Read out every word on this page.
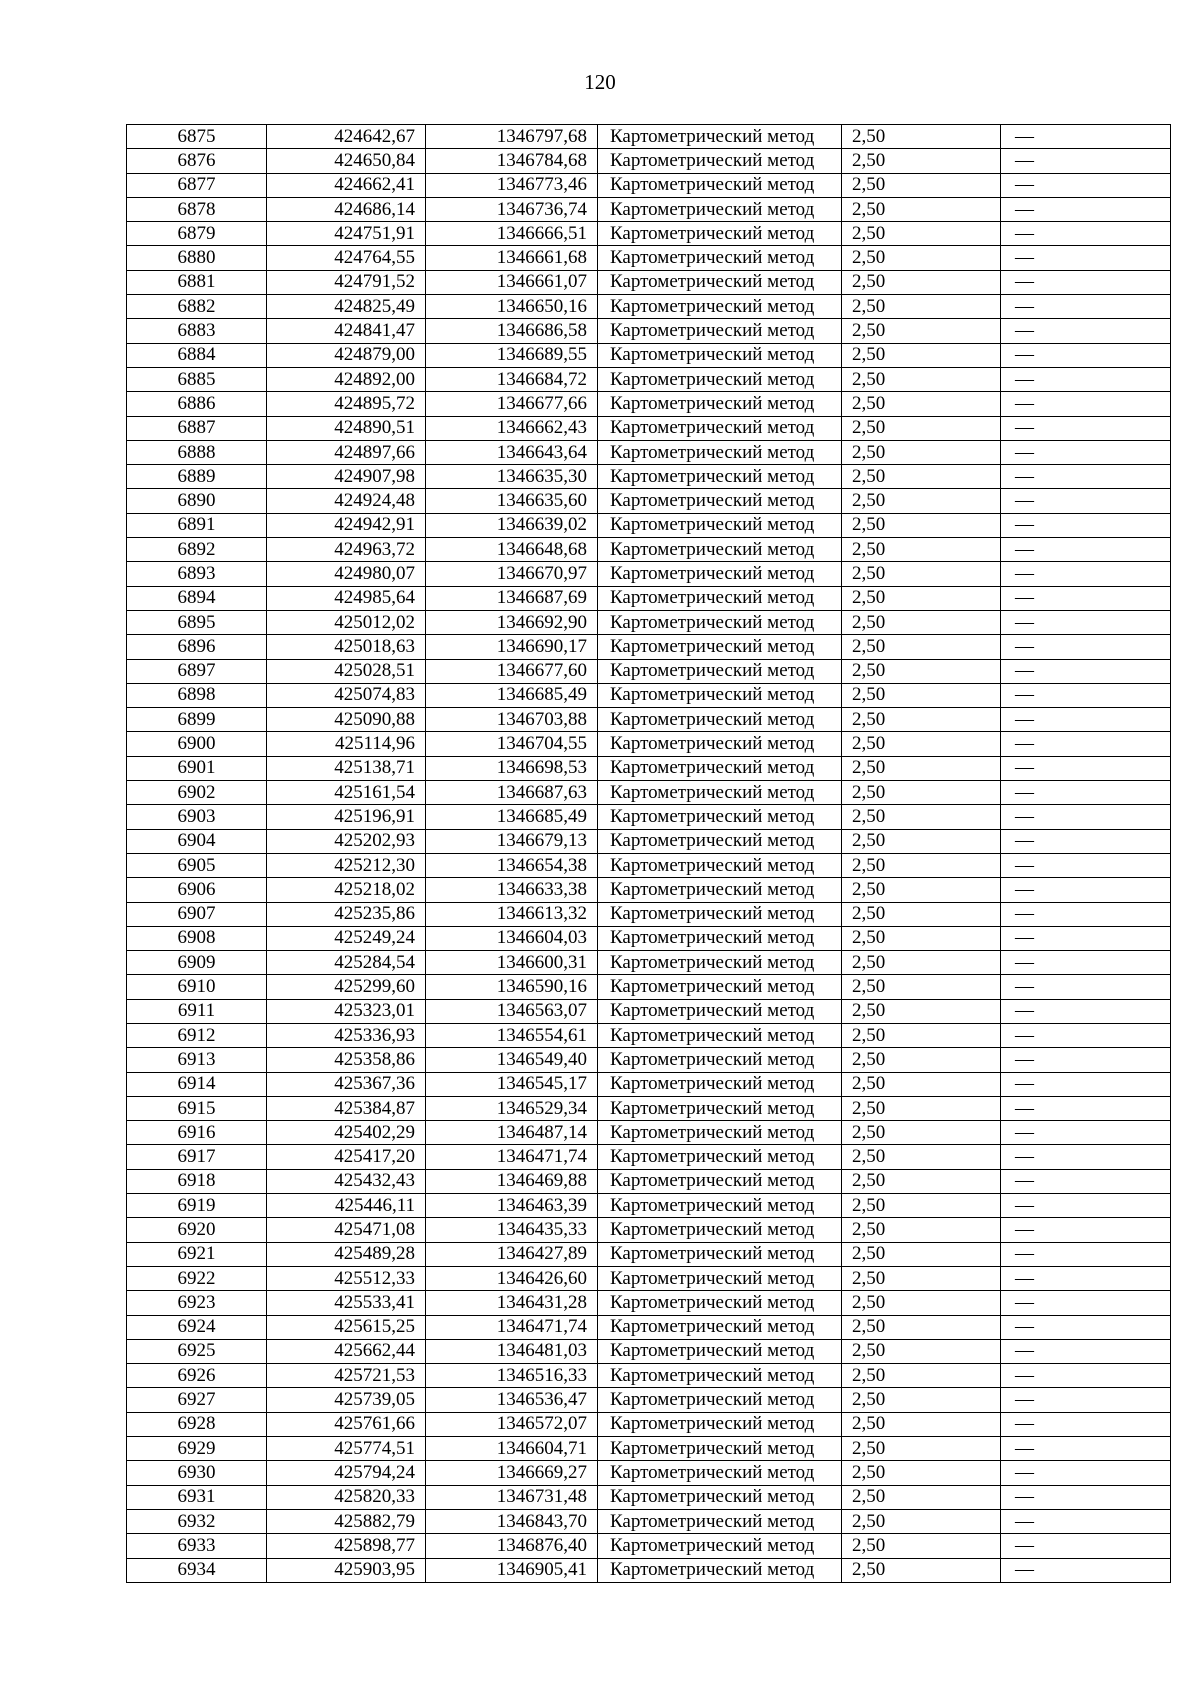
120
6875	424642,67	1346797,68	Картометрический метод	2,50	—
6876	424650,84	1346784,68	Картометрический метод	2,50	—
6877	424662,41	1346773,46	Картометрический метод	2,50	—
6878	424686,14	1346736,74	Картометрический метод	2,50	—
6879	424751,91	1346666,51	Картометрический метод	2,50	—
6880	424764,55	1346661,68	Картометрический метод	2,50	—
6881	424791,52	1346661,07	Картометрический метод	2,50	—
6882	424825,49	1346650,16	Картометрический метод	2,50	—
6883	424841,47	1346686,58	Картометрический метод	2,50	—
6884	424879,00	1346689,55	Картометрический метод	2,50	—
6885	424892,00	1346684,72	Картометрический метод	2,50	—
6886	424895,72	1346677,66	Картометрический метод	2,50	—
6887	424890,51	1346662,43	Картометрический метод	2,50	—
6888	424897,66	1346643,64	Картометрический метод	2,50	—
6889	424907,98	1346635,30	Картометрический метод	2,50	—
6890	424924,48	1346635,60	Картометрический метод	2,50	—
6891	424942,91	1346639,02	Картометрический метод	2,50	—
6892	424963,72	1346648,68	Картометрический метод	2,50	—
6893	424980,07	1346670,97	Картометрический метод	2,50	—
6894	424985,64	1346687,69	Картометрический метод	2,50	—
6895	425012,02	1346692,90	Картометрический метод	2,50	—
6896	425018,63	1346690,17	Картометрический метод	2,50	—
6897	425028,51	1346677,60	Картометрический метод	2,50	—
6898	425074,83	1346685,49	Картометрический метод	2,50	—
6899	425090,88	1346703,88	Картометрический метод	2,50	—
6900	425114,96	1346704,55	Картометрический метод	2,50	—
6901	425138,71	1346698,53	Картометрический метод	2,50	—
6902	425161,54	1346687,63	Картометрический метод	2,50	—
6903	425196,91	1346685,49	Картометрический метод	2,50	—
6904	425202,93	1346679,13	Картометрический метод	2,50	—
6905	425212,30	1346654,38	Картометрический метод	2,50	—
6906	425218,02	1346633,38	Картометрический метод	2,50	—
6907	425235,86	1346613,32	Картометрический метод	2,50	—
6908	425249,24	1346604,03	Картометрический метод	2,50	—
6909	425284,54	1346600,31	Картометрический метод	2,50	—
6910	425299,60	1346590,16	Картометрический метод	2,50	—
6911	425323,01	1346563,07	Картометрический метод	2,50	—
6912	425336,93	1346554,61	Картометрический метод	2,50	—
6913	425358,86	1346549,40	Картометрический метод	2,50	—
6914	425367,36	1346545,17	Картометрический метод	2,50	—
6915	425384,87	1346529,34	Картометрический метод	2,50	—
6916	425402,29	1346487,14	Картометрический метод	2,50	—
6917	425417,20	1346471,74	Картометрический метод	2,50	—
6918	425432,43	1346469,88	Картометрический метод	2,50	—
6919	425446,11	1346463,39	Картометрический метод	2,50	—
6920	425471,08	1346435,33	Картометрический метод	2,50	—
6921	425489,28	1346427,89	Картометрический метод	2,50	—
6922	425512,33	1346426,60	Картометрический метод	2,50	—
6923	425533,41	1346431,28	Картометрический метод	2,50	—
6924	425615,25	1346471,74	Картометрический метод	2,50	—
6925	425662,44	1346481,03	Картометрический метод	2,50	—
6926	425721,53	1346516,33	Картометрический метод	2,50	—
6927	425739,05	1346536,47	Картометрический метод	2,50	—
6928	425761,66	1346572,07	Картометрический метод	2,50	—
6929	425774,51	1346604,71	Картометрический метод	2,50	—
6930	425794,24	1346669,27	Картометрический метод	2,50	—
6931	425820,33	1346731,48	Картометрический метод	2,50	—
6932	425882,79	1346843,70	Картометрический метод	2,50	—
6933	425898,77	1346876,40	Картометрический метод	2,50	—
6934	425903,95	1346905,41	Картометрический метод	2,50	—
